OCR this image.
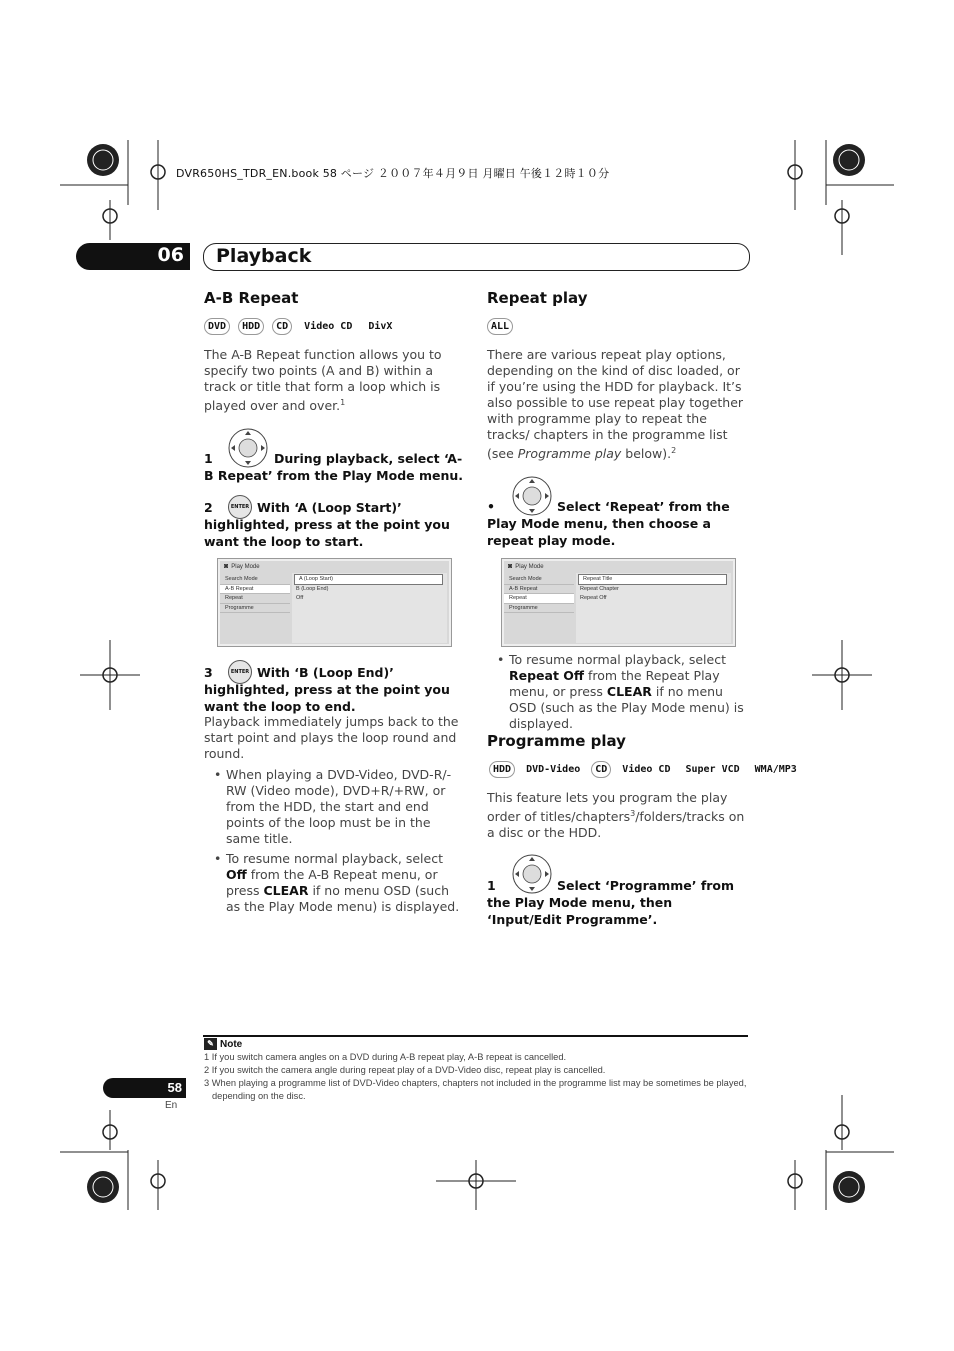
DVR650HS_TDR_EN.book 58 ページ ２００７年４月９日 月曜日 午後１２時１０分
06 Playback
A-B Repeat
DVD	HDD	CD	Video CD	DivX
The A-B Repeat function allows you to specify two points (A and B) within a track or title that form a loop which is played over and over.$^1$
1	During playback, select ‘A-B Repeat’ from the Play Mode menu.
ENTER
2	With ‘A (Loop Start)’ highlighted, press at the point you want the loop to start.
◙ Play Mode
Search Mode
A-B Repeat
Repeat
Programme
A (Loop Start)
B (Loop End)
Off
ENTER
3	With ‘B (Loop End)’ highlighted, press at the point you want the loop to end.
Playback immediately jumps back to the start point and plays the loop round and round.
• When playing a DVD-Video, DVD-R/-RW (Video mode), DVD+R/+RW, or from the HDD, the start and end points of the loop must be in the same title.
• To resume normal playback, select Off from the A-B Repeat menu, or press CLEAR if no menu OSD (such as the Play Mode menu) is displayed.
Repeat play
ALL
There are various repeat play options, depending on the kind of disc loaded, or if you’re using the HDD for playback. It’s also possible to use repeat play together with programme play to repeat the tracks/ chapters in the programme list (see Programme play below).$^2$
•	Select ‘Repeat’ from the Play Mode menu, then choose a repeat play mode.
◙ Play Mode
Search Mode
A-B Repeat
Repeat
Programme
Repeat Title
Repeat Chapter
Repeat Off
• To resume normal playback, select Repeat Off from the Repeat Play menu, or press CLEAR if no menu OSD (such as the Play Mode menu) is displayed.
Programme play
HDD	DVD-Video	CD	Video CD	Super VCD	WMA/MP3
This feature lets you program the play order of titles/chapters$^3$/folders/tracks on a disc or the HDD.
1	Select ‘Programme’ from the Play Mode menu, then ‘Input/Edit Programme’.
✎ Note
1 If you switch camera angles on a DVD during A-B repeat play, A-B repeat is cancelled.
2 If you switch the camera angle during repeat play of a DVD-Video disc, repeat play is cancelled.
3 When playing a programme list of DVD-Video chapters, chapters not included in the programme list may be sometimes be played, depending on the disc.
58
En
